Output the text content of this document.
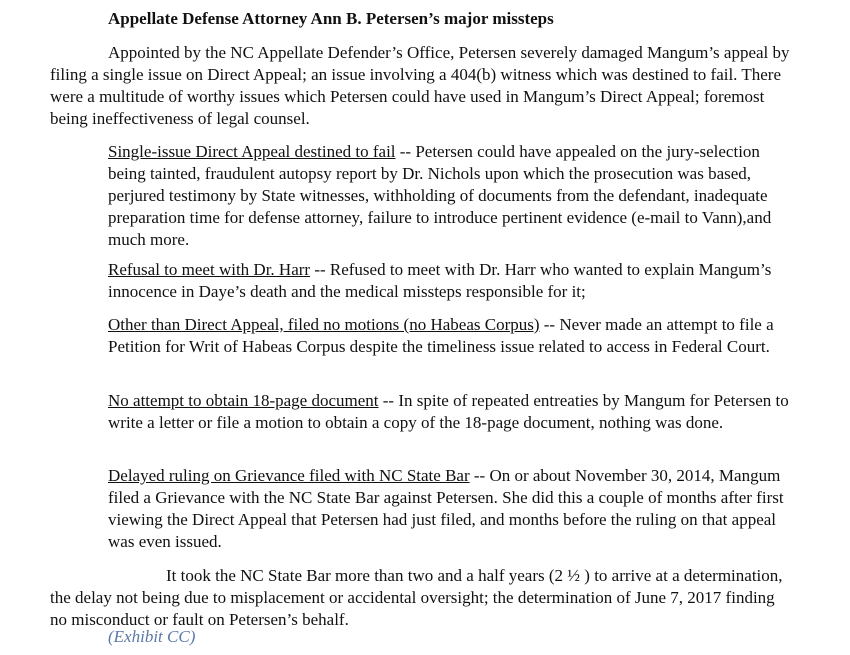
Appellate Defense Attorney Ann B. Petersen’s major missteps

Appointed by the NC Appellate Defender’s Office, Petersen severely damaged Mangum’s appeal by filing a single issue on Direct Appeal; an issue involving a 404(b) witness which was destined to fail. There were a multitude of worthy issues which Petersen could have used in Mangum’s Direct Appeal; foremost being ineffectiveness of legal counsel.

Single-issue Direct Appeal destined to fail -- Petersen could have appealed on the jury-selection being tainted, fraudulent autopsy report by Dr. Nichols upon which the prosecution was based, perjured testimony by State witnesses, withholding of documents from the defendant, inadequate preparation time for defense attorney, failure to introduce pertinent evidence (e-mail to Vann),and much more.

Refusal to meet with Dr. Harr -- Refused to meet with Dr. Harr who wanted to explain Mangum’s innocence in Daye’s death and the medical missteps responsible for it;

Other than Direct Appeal, filed no motions (no Habeas Corpus) -- Never made an attempt to file a Petition for Writ of Habeas Corpus despite the timeliness issue related to access in Federal Court.

No attempt to obtain 18-page document -- In spite of repeated entreaties by Mangum for Petersen to write a letter or file a motion to obtain a copy of the 18-page document, nothing was done.

Delayed ruling on Grievance filed with NC State Bar -- On or about November 30, 2014, Mangum filed a Grievance with the NC State Bar against Petersen. She did this a couple of months after first viewing the Direct Appeal that Petersen had just filed, and months before the ruling on that appeal was even issued.

It took the NC State Bar more than two and a half years (2 ½ ) to arrive at a determination, the delay not being due to misplacement or accidental oversight; the determination of June 7, 2017 finding no misconduct or fault on Petersen’s behalf.

(Exhibit CC)
